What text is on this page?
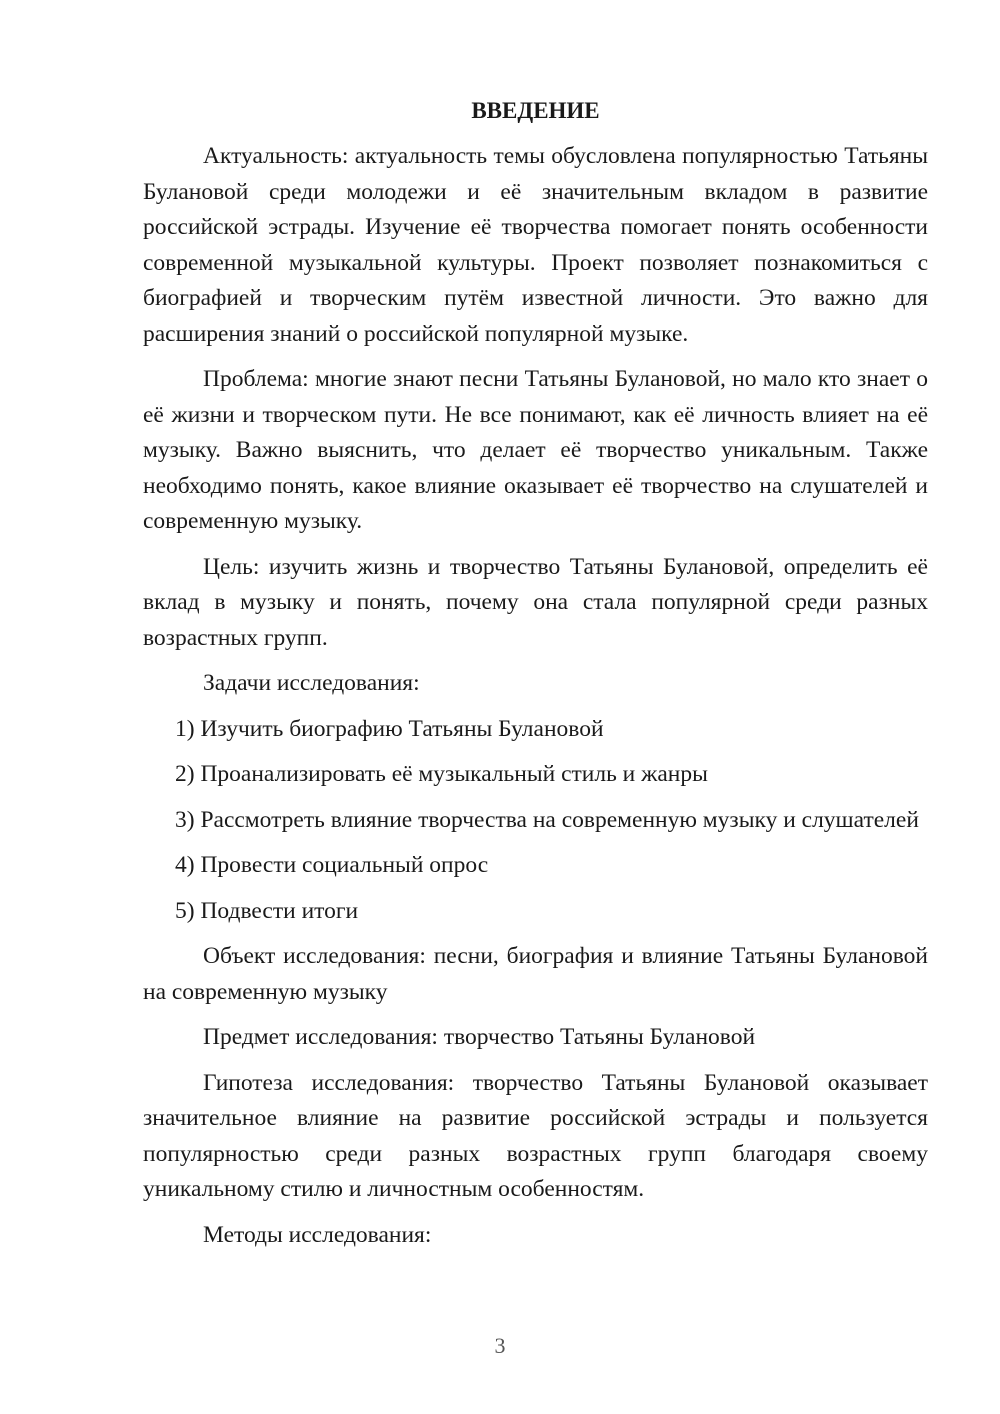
ВВЕДЕНИЕ

Актуальность: актуальность темы обусловлена популярностью Татьяны Булановой среди молодежи и её значительным вкладом в развитие российской эстрады. Изучение её творчества помогает понять особенности современной музыкальной культуры. Проект позволяет познакомиться с биографией и творческим путём известной личности. Это важно для расширения знаний о российской популярной музыке.

Проблема: многие знают песни Татьяны Булановой, но мало кто знает о её жизни и творческом пути. Не все понимают, как её личность влияет на её музыку. Важно выяснить, что делает её творчество уникальным. Также необходимо понять, какое влияние оказывает её творчество на слушателей и современную музыку.

Цель: изучить жизнь и творчество Татьяны Булановой, определить её вклад в музыку и понять, почему она стала популярной среди разных возрастных групп.

Задачи исследования:

1) Изучить биографию Татьяны Булановой

2) Проанализировать её музыкальный стиль и жанры

3) Рассмотреть влияние творчества на современную музыку и слушателей

4) Провести социальный опрос

5) Подвести итоги

Объект исследования: песни, биография и влияние Татьяны Булановой на современную музыку

Предмет исследования: творчество Татьяны Булановой

Гипотеза исследования: творчество Татьяны Булановой оказывает значительное влияние на развитие российской эстрады и пользуется популярностью среди разных возрастных групп благодаря своему уникальному стилю и личностным особенностям.

Методы исследования:

3
